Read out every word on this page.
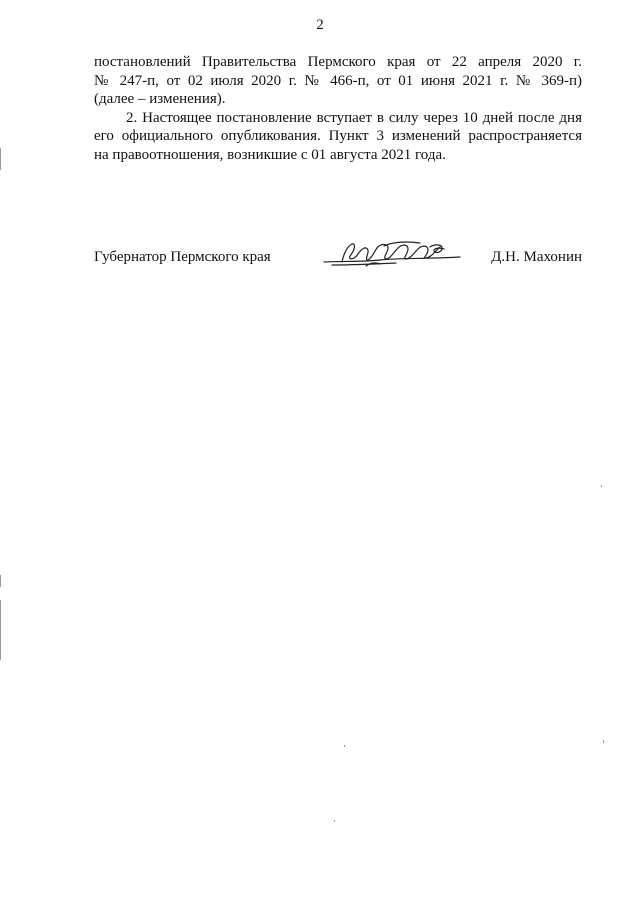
2

постановлений Правительства Пермского края от 22 апреля 2020 г.
№ 247-п, от 02 июля 2020 г. № 466-п, от 01 июня 2021 г. № 369-п)
(далее – изменения).

2. Настоящее постановление вступает в силу через 10 дней после дня
его официального опубликования. Пункт 3 изменений распространяется
на правоотношения, возникшие с 01 августа 2021 года.

Губернатор Пермского края	Д.Н. Махонин
